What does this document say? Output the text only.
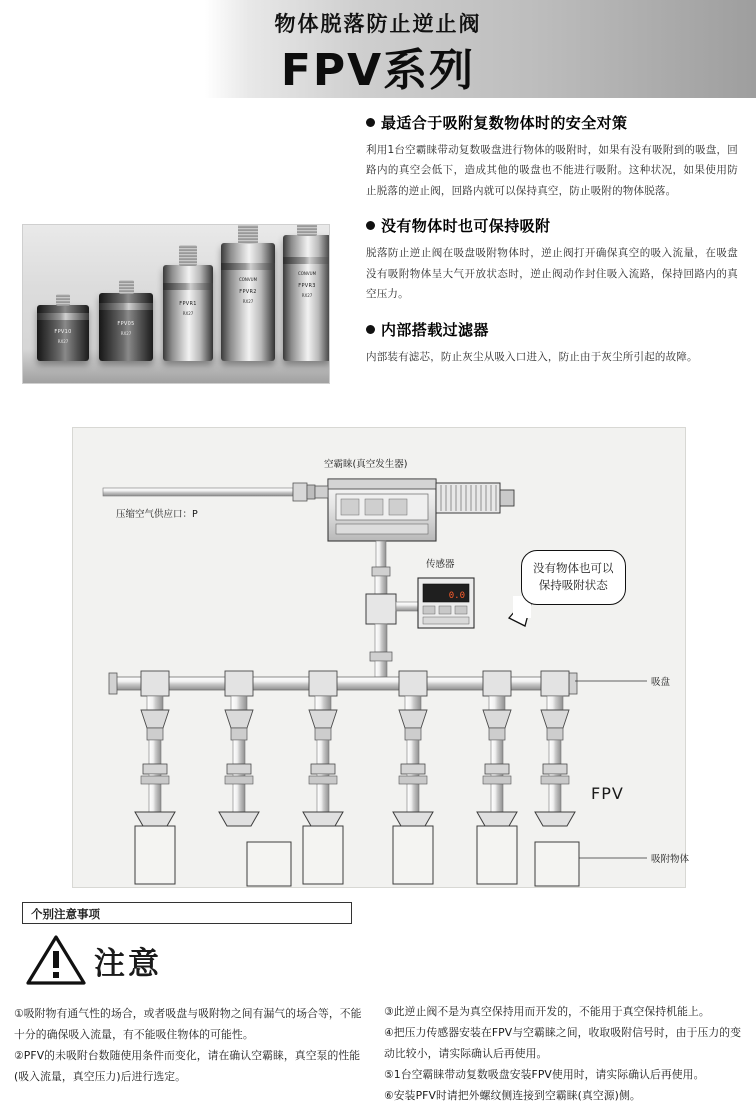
物体脱落防止逆止阀
FPV系列
FPV10
RX27
FPV05
RX27
FPVR1
RX27
CONVUM
FPVR2
RX27
CONVUM
FPVR3
RX27
最适合于吸附复数物体时的安全对策

利用1台空霸睐带动复数吸盘进行物体的吸附时，如果有没有吸附到的吸盘，回路内的真空会低下，造成其他的吸盘也不能进行吸附。这种状况，如果使用防止脱落的逆止阀，回路内就可以保持真空，防止吸附的物体脱落。

没有物体时也可保持吸附

脱落防止逆止阀在吸盘吸附物体时，逆止阀打开确保真空的吸入流量，在吸盘没有吸附物体呈大气开放状态时，逆止阀动作封住吸入流路，保持回路内的真空压力。

内部搭载过滤器

内部装有滤芯，防止灰尘从吸入口进入，防止由于灰尘所引起的故障。

0.0
空霸睐(真空发生器)
压缩空气供应口：P
传感器
吸盘
FPV
吸附物体
没有物体也可以
保持吸附状态
个别注意事项
注意

①吸附物有通气性的场合，或者吸盘与吸附物之间有漏气的场合等，不能十分的确保吸入流量，有不能吸住物体的可能性。

②PFV的未吸附台数随使用条件而变化，请在确认空霸睐，真空泵的性能(吸入流量，真空压力)后进行选定。

③此逆止阀不是为真空保持用而开发的，不能用于真空保持机能上。

④把压力传感器安装在FPV与空霸睐之间，收取吸附信号时，由于压力的变动比较小，请实际确认后再使用。

⑤1台空霸睐带动复数吸盘安装FPV使用时，请实际确认后再使用。

⑥安装PFV时请把外螺纹侧连接到空霸睐(真空源)侧。
